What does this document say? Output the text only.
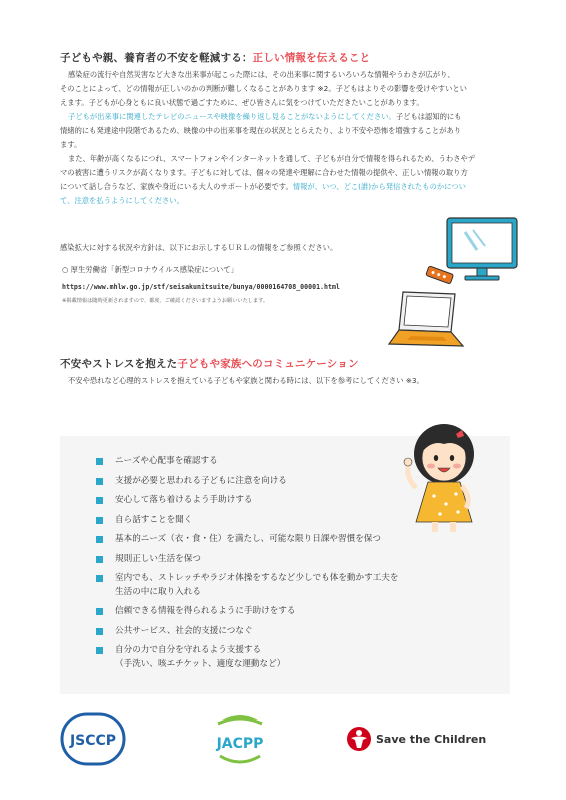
子どもや親、養育者の不安を軽減する：正しい情報を伝えること
感染症の流行や自然災害など大きな出来事が起こった際には、その出来事に関するいろいろな情報やうわさが広がり、
そのことによって、どの情報が正しいのかの判断が難しくなることがあります ※2。子どもはよりその影響を受けやすいとい
えます。子どもが心身ともに良い状態で過ごすために、ぜひ皆さんに気をつけていただきたいことがあります。
子どもが出来事に関連したテレビのニュースや映像を繰り返し見ることがないようにしてください。子どもは認知的にも
情緒的にも発達途中段階であるため、映像の中の出来事を現在の状況ととらえたり、より不安や恐怖を増強することがあり
ます。
また、年齢が高くなるにつれ、スマートフォンやインターネットを通して、子どもが自分で情報を得られるため、うわさやデ
マの被害に遭うリスクが高くなります。子どもに対しては、個々の発達や理解に合わせた情報の提供や、正しい情報の取り方
について話し合うなど、家族や身近にいる大人のサポートが必要です。情報が、いつ、どこ(誰)から発信されたものかについ
て、注意を払うようにしてください。
感染拡大に対する状況や方針は、以下にお示しするＵＲＬの情報をご参照ください。
○ 厚生労働省「新型コロナウイルス感染症について」
https://www.mhlw.go.jp/stf/seisakunitsuite/bunya/0000164708_00001.html
※掲載情報は随時更新されますので、都度、ご確認くださいますようお願いいたします。
不安やストレスを抱えた子どもや家族へのコミュニケーション
不安や恐れなど心理的ストレスを抱えている子どもや家族と関わる時には、以下を参考にしてください ※3。
ニーズや心配事を確認する
支援が必要と思われる子どもに注意を向ける
安心して落ち着けるよう手助けする
自ら話すことを聞く
基本的ニーズ（衣・食・住）を満たし、可能な限り日課や習慣を保つ
規則正しい生活を保つ
室内でも、ストレッチやラジオ体操をするなど少しでも体を動かす工夫を
生活の中に取り入れる
信頼できる情報を得られるように手助けをする
公共サービス、社会的支援につなぐ
自分の力で自分を守れるよう支援する
（手洗い、咳エチケット、適度な運動など）
JSCCP	JACPP	Save the Children
